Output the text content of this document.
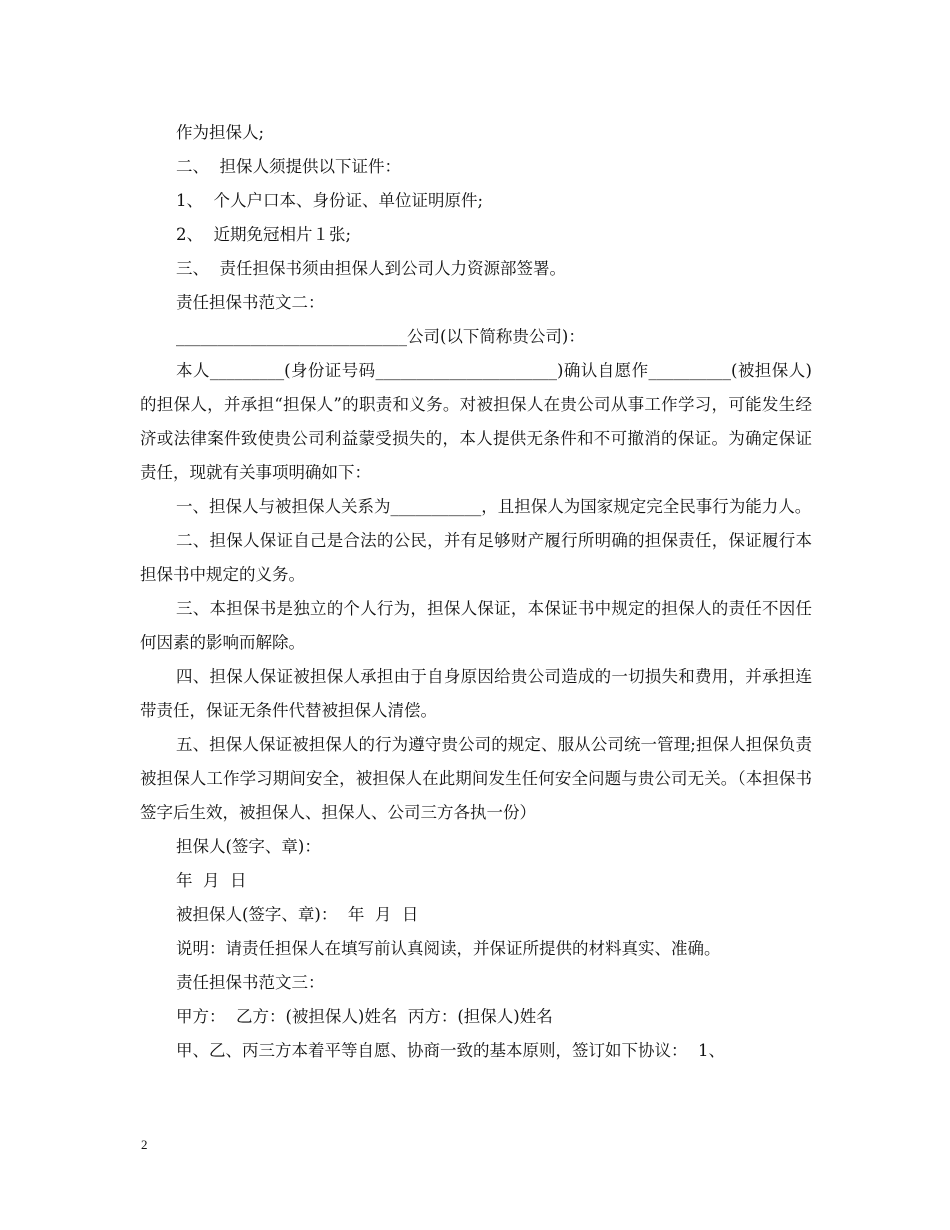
作为担保人;

二、  担保人须提供以下证件：

1、  个人户口本、身份证、单位证明原件;

2、  近期免冠相片１张;

三、  责任担保书须由担保人到公司人力资源部签署。

责任担保书范文二：

____________________________公司(以下简称贵公司)：

本人_________(身份证号码______________________)确认自愿作__________(被担保人)的担保人，并承担“担保人”的职责和义务。对被担保人在贵公司从事工作学习，可能发生经济或法律案件致使贵公司利益蒙受损失的，本人提供无条件和不可撤消的保证。为确定保证责任，现就有关事项明确如下：

一、担保人与被担保人关系为___________，且担保人为国家规定完全民事行为能力人。

二、担保人保证自己是合法的公民，并有足够财产履行所明确的担保责任，保证履行本担保书中规定的义务。

三、本担保书是独立的个人行为，担保人保证，本保证书中规定的担保人的责任不因任何因素的影响而解除。

四、担保人保证被担保人承担由于自身原因给贵公司造成的一切损失和费用，并承担连带责任，保证无条件代替被担保人清偿。

五、担保人保证被担保人的行为遵守贵公司的规定、服从公司统一管理;担保人担保负责被担保人工作学习期间安全，被担保人在此期间发生任何安全问题与贵公司无关。（本担保书签字后生效，被担保人、担保人、公司三方各执一份）

担保人(签字、章)：

年  月  日

被担保人(签字、章)：  年  月  日

说明：请责任担保人在填写前认真阅读，并保证所提供的材料真实、准确。

责任担保书范文三：

甲方：  乙方：(被担保人)姓名  丙方：(担保人)姓名

甲、乙、丙三方本着平等自愿、协商一致的基本原则，签订如下协议：  1、

2
